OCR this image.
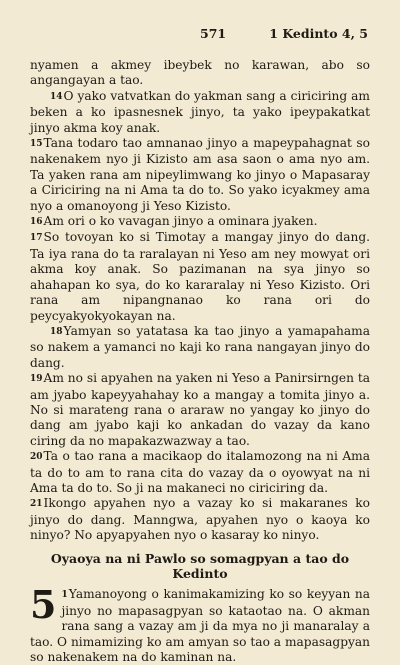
571	1 Kedinto 4, 5

nyamen a akmey ibeybek no karawan, abo so angangayan a tao.

14O yako vatvatkan do yakman sang a ciriciring am beken a ko ipasnesnek jinyo, ta yako ipeypakatkat jinyo akma koy anak.

15Tana todaro tao amnanao jinyo a mapeypahagnat so nakenakem nyo ji Kizisto am asa saon o ama nyo am. Ta yaken rana am nipeylimwang ko jinyo o Mapasaray a Ciriciring na ni Ama ta do to. So yako icyakmey ama nyo a omanoyong ji Yeso Kizisto.

16Am ori o ko vavagan jinyo a ominara jyaken.

17So tovoyan ko si Timotay a mangay jinyo do dang. Ta iya rana do ta raralayan ni Yeso am ney mowyat ori akma koy anak. So pazimanan na sya jinyo so ahahapan ko sya, do ko kararalay ni Yeso Kizisto. Ori rana am nipangnanao ko rana ori do peycyakyokyokayan na.

18Yamyan so yatatasa ka tao jinyo a yamapahama so nakem a yamanci no kaji ko rana nangayan jinyo do dang.

19Am no si apyahen na yaken ni Yeso a Panirsirngen ta am jyabo kapeyyahahay ko a mangay a tomita jinyo a. No si marateng rana o araraw no yangay ko jinyo do dang am jyabo kaji ko ankadan do vazay da kano ciring da no mapakazwazway a tao.

20Ta o tao rana a macikaop do italamozong na ni Ama ta do to am to rana cita do vazay da o oyowyat na ni Ama ta do to. So ji na makaneci no ciriciring da.

21Ikongo apyahen nyo a vazay ko si makaranes ko jinyo do dang. Manngwa, apyahen nyo o kaoya ko ninyo? No apyapyahen nyo o kasaray ko ninyo.

Oyaoya na ni Pawlo so somagpyan a tao do Kedinto

5 1Yamanoyong o kanimakamizing ko so keyyan na jinyo no mapasagpyan so kataotao na. O akman rana sang a vazay am ji da mya no ji manaralay a tao. O nimamizing ko am amyan so tao a mapasagpyan so nakenakem na do kaminan na.
